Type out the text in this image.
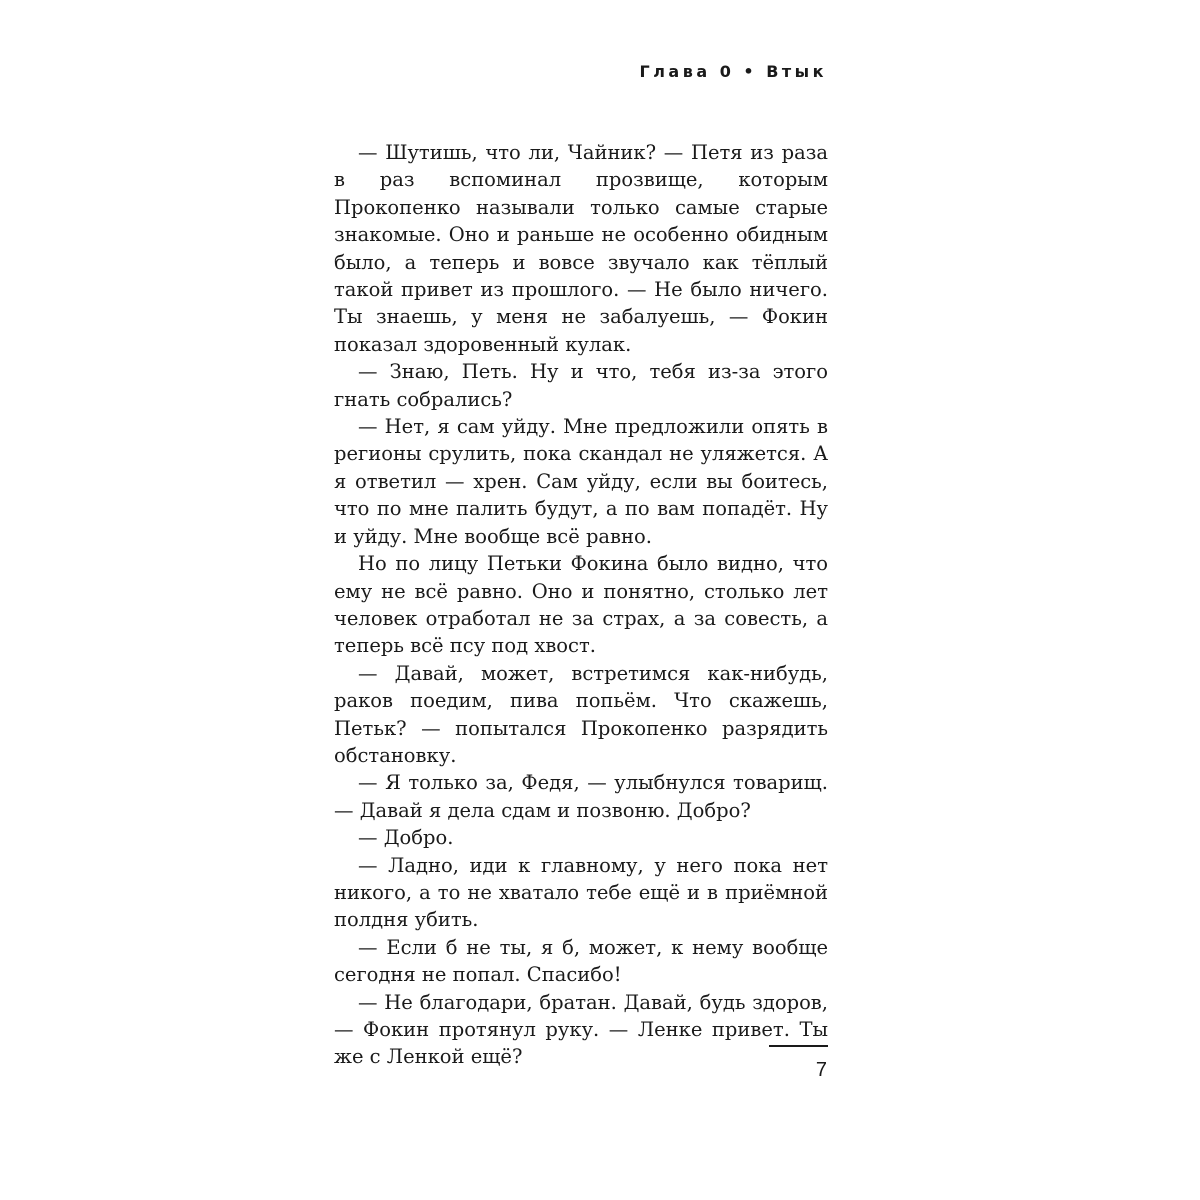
Глава 0 • Втык

— Шутишь, что ли, Чайник? — Петя из раза в раз вспоминал прозвище, которым Прокопенко называли только самые старые знакомые. Оно и раньше не особенно обидным было, а теперь и вовсе звучало как тёплый такой привет из прошлого. — Не было ничего. Ты знаешь, у меня не забалуешь, — Фокин показал здоровенный кулак.

— Знаю, Петь. Ну и что, тебя из-за этого гнать собрались?

— Нет, я сам уйду. Мне предложили опять в регионы срулить, пока скандал не уляжется. А я ответил — хрен. Сам уйду, если вы боитесь, что по мне палить будут, а по вам попадёт. Ну и уйду. Мне вообще всё равно.

Но по лицу Петьки Фокина было видно, что ему не всё равно. Оно и понятно, столько лет человек отработал не за страх, а за совесть, а теперь всё псу под хвост.

— Давай, может, встретимся как-нибудь, раков поедим, пива попьём. Что скажешь, Петьк? — попытался Прокопенко разрядить обстановку.

— Я только за, Федя, — улыбнулся товарищ. — Давай я дела сдам и позвоню. Добро?

— Добро.

— Ладно, иди к главному, у него пока нет никого, а то не хватало тебе ещё и в приёмной полдня убить.

— Если б не ты, я б, может, к нему вообще сегодня не попал. Спасибо!

— Не благодари, братан. Давай, будь здоров, — Фокин протянул руку. — Ленке привет. Ты же с Ленкой ещё?

7
